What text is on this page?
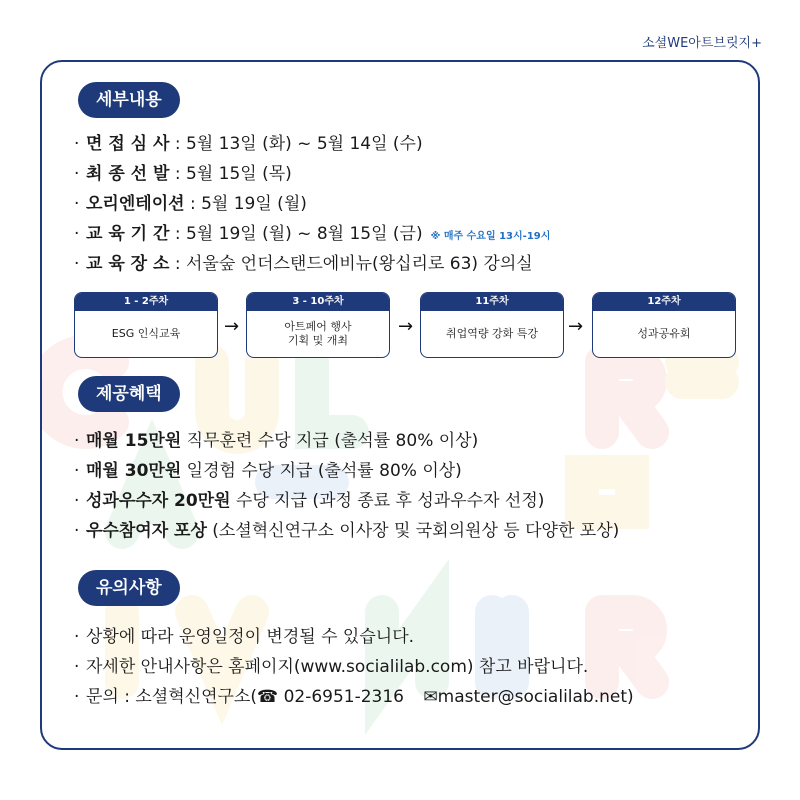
소셜WE아트브릿지+
세부내용
· 면 접 심 사 : 5월 13일 (화) ~ 5월 14일 (수)
· 최 종 선 발 : 5월 15일 (목)
· 오리엔테이션 : 5월 19일 (월)
· 교 육 기 간 : 5월 19일 (월) ~ 8월 15일 (금) ※ 매주 수요일 13시-19시
· 교 육 장 소 : 서울숲 언더스탠드에비뉴(왕십리로 63) 강의실
1 - 2주차
ESG 인식교육	→
3 - 10주차
아트페어 행사
기획 및 개최
→
11주차
취업역량 강화 특강	→
12주차
성과공유회
제공혜택
· 매월 15만원 직무훈련 수당 지급 (출석률 80% 이상)
· 매월 30만원 일경험 수당 지급 (출석률 80% 이상)
· 성과우수자 20만원 수당 지급 (과정 종료 후 성과우수자 선정)
· 우수참여자 포상 (소셜혁신연구소 이사장 및 국회의원상 등 다양한 포상)
유의사항
· 상황에 따라 운영일정이 변경될 수 있습니다.
· 자세한 안내사항은 홈페이지(www.socialilab.com) 참고 바랍니다.
· 문의 : 소셜혁신연구소(☎ 02-6951-2316 ✉master@socialilab.net)
